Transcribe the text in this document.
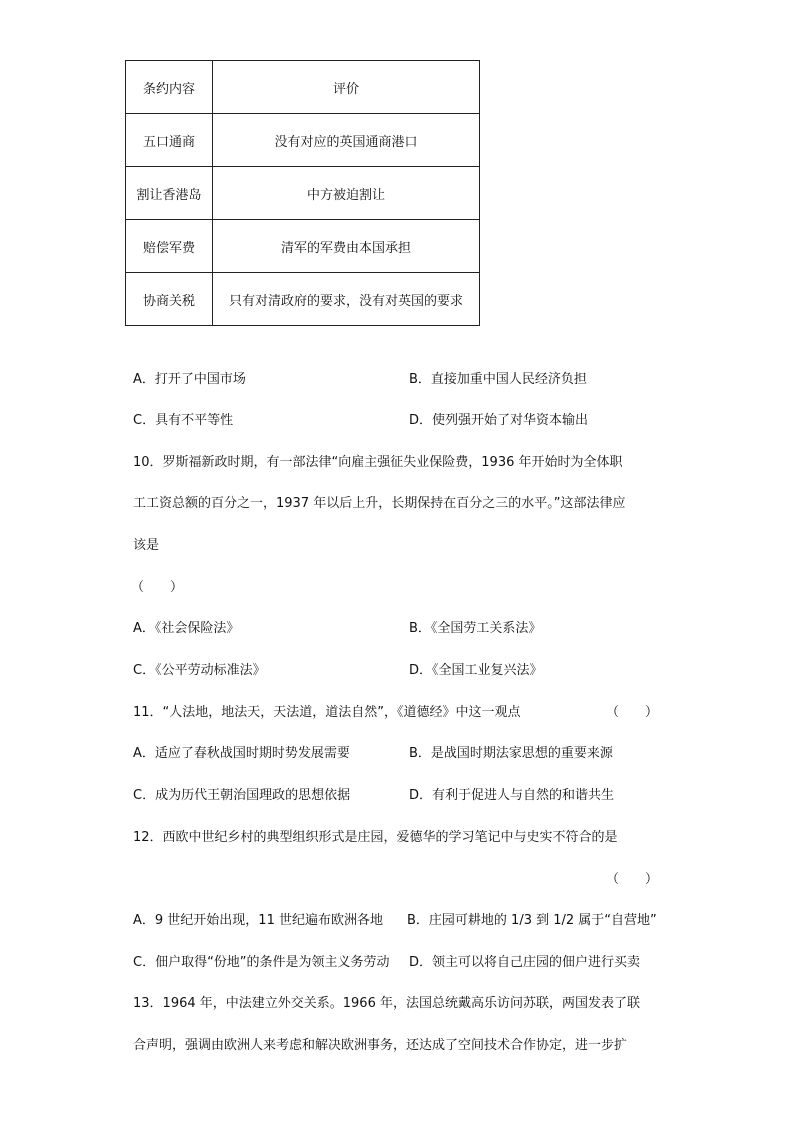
条约内容	评价
五口通商	没有对应的英国通商港口
割让香港岛	中方被迫割让
赔偿军费	清军的军费由本国承担
协商关税	只有对清政府的要求，没有对英国的要求
A．打开了中国市场	B．直接加重中国人民经济负担
C．具有不平等性	D．使列强开始了对华资本输出
10．罗斯福新政时期，有一部法律“向雇主强征失业保险费，1936 年开始时为全体职
工工资总额的百分之一，1937 年以后上升，长期保持在百分之三的水平。”这部法律应
该是
（　　）
A．《社会保险法》	B．《全国劳工关系法》
C．《公平劳动标准法》	D．《全国工业复兴法》
11．“人法地，地法天，天法道，道法自然”，《道德经》中这一观点	（　　）
A．适应了春秋战国时期时势发展需要	B．是战国时期法家思想的重要来源
C．成为历代王朝治国理政的思想依据	D．有利于促进人与自然的和谐共生
12．西欧中世纪乡村的典型组织形式是庄园，爱德华的学习笔记中与史实不符合的是
（　　）
A．9 世纪开始出现，11 世纪遍布欧洲各地 B．庄园可耕地的 1/3 到 1/2 属于“自营地”
C．佃户取得“份地”的条件是为领主义务劳动 D．领主可以将自己庄园的佃户进行买卖
13．1964 年，中法建立外交关系。1966 年，法国总统戴高乐访问苏联，两国发表了联
合声明，强调由欧洲人来考虑和解决欧洲事务，还达成了空间技术合作协定，进一步扩
